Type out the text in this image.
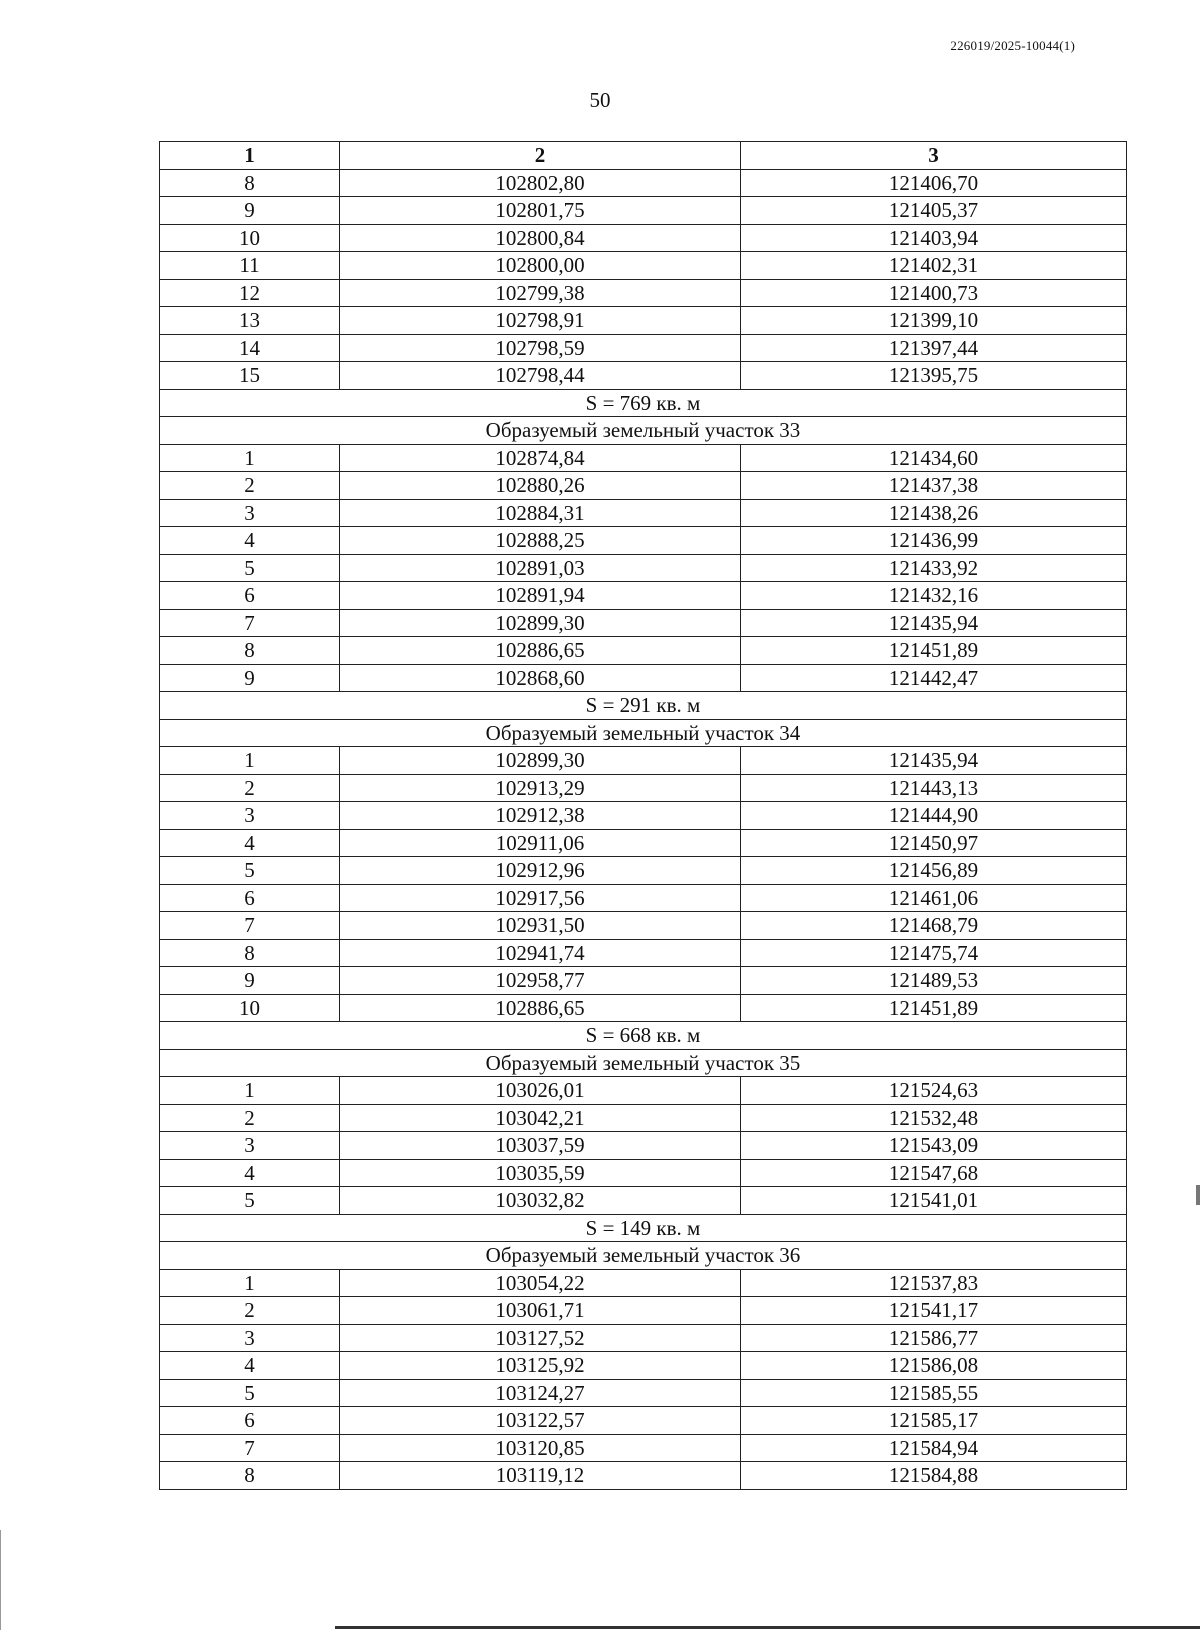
226019/2025-10044(1)
50
1	2	3
8	102802,80	121406,70
9	102801,75	121405,37
10	102800,84	121403,94
11	102800,00	121402,31
12	102799,38	121400,73
13	102798,91	121399,10
14	102798,59	121397,44
15	102798,44	121395,75
S = 769 кв. м		
Образуемый земельный участок 33		
1	102874,84	121434,60
2	102880,26	121437,38
3	102884,31	121438,26
4	102888,25	121436,99
5	102891,03	121433,92
6	102891,94	121432,16
7	102899,30	121435,94
8	102886,65	121451,89
9	102868,60	121442,47
S = 291 кв. м		
Образуемый земельный участок 34		
1	102899,30	121435,94
2	102913,29	121443,13
3	102912,38	121444,90
4	102911,06	121450,97
5	102912,96	121456,89
6	102917,56	121461,06
7	102931,50	121468,79
8	102941,74	121475,74
9	102958,77	121489,53
10	102886,65	121451,89
S = 668 кв. м		
Образуемый земельный участок 35		
1	103026,01	121524,63
2	103042,21	121532,48
3	103037,59	121543,09
4	103035,59	121547,68
5	103032,82	121541,01
S = 149 кв. м		
Образуемый земельный участок 36		
1	103054,22	121537,83
2	103061,71	121541,17
3	103127,52	121586,77
4	103125,92	121586,08
5	103124,27	121585,55
6	103122,57	121585,17
7	103120,85	121584,94
8	103119,12	121584,88
